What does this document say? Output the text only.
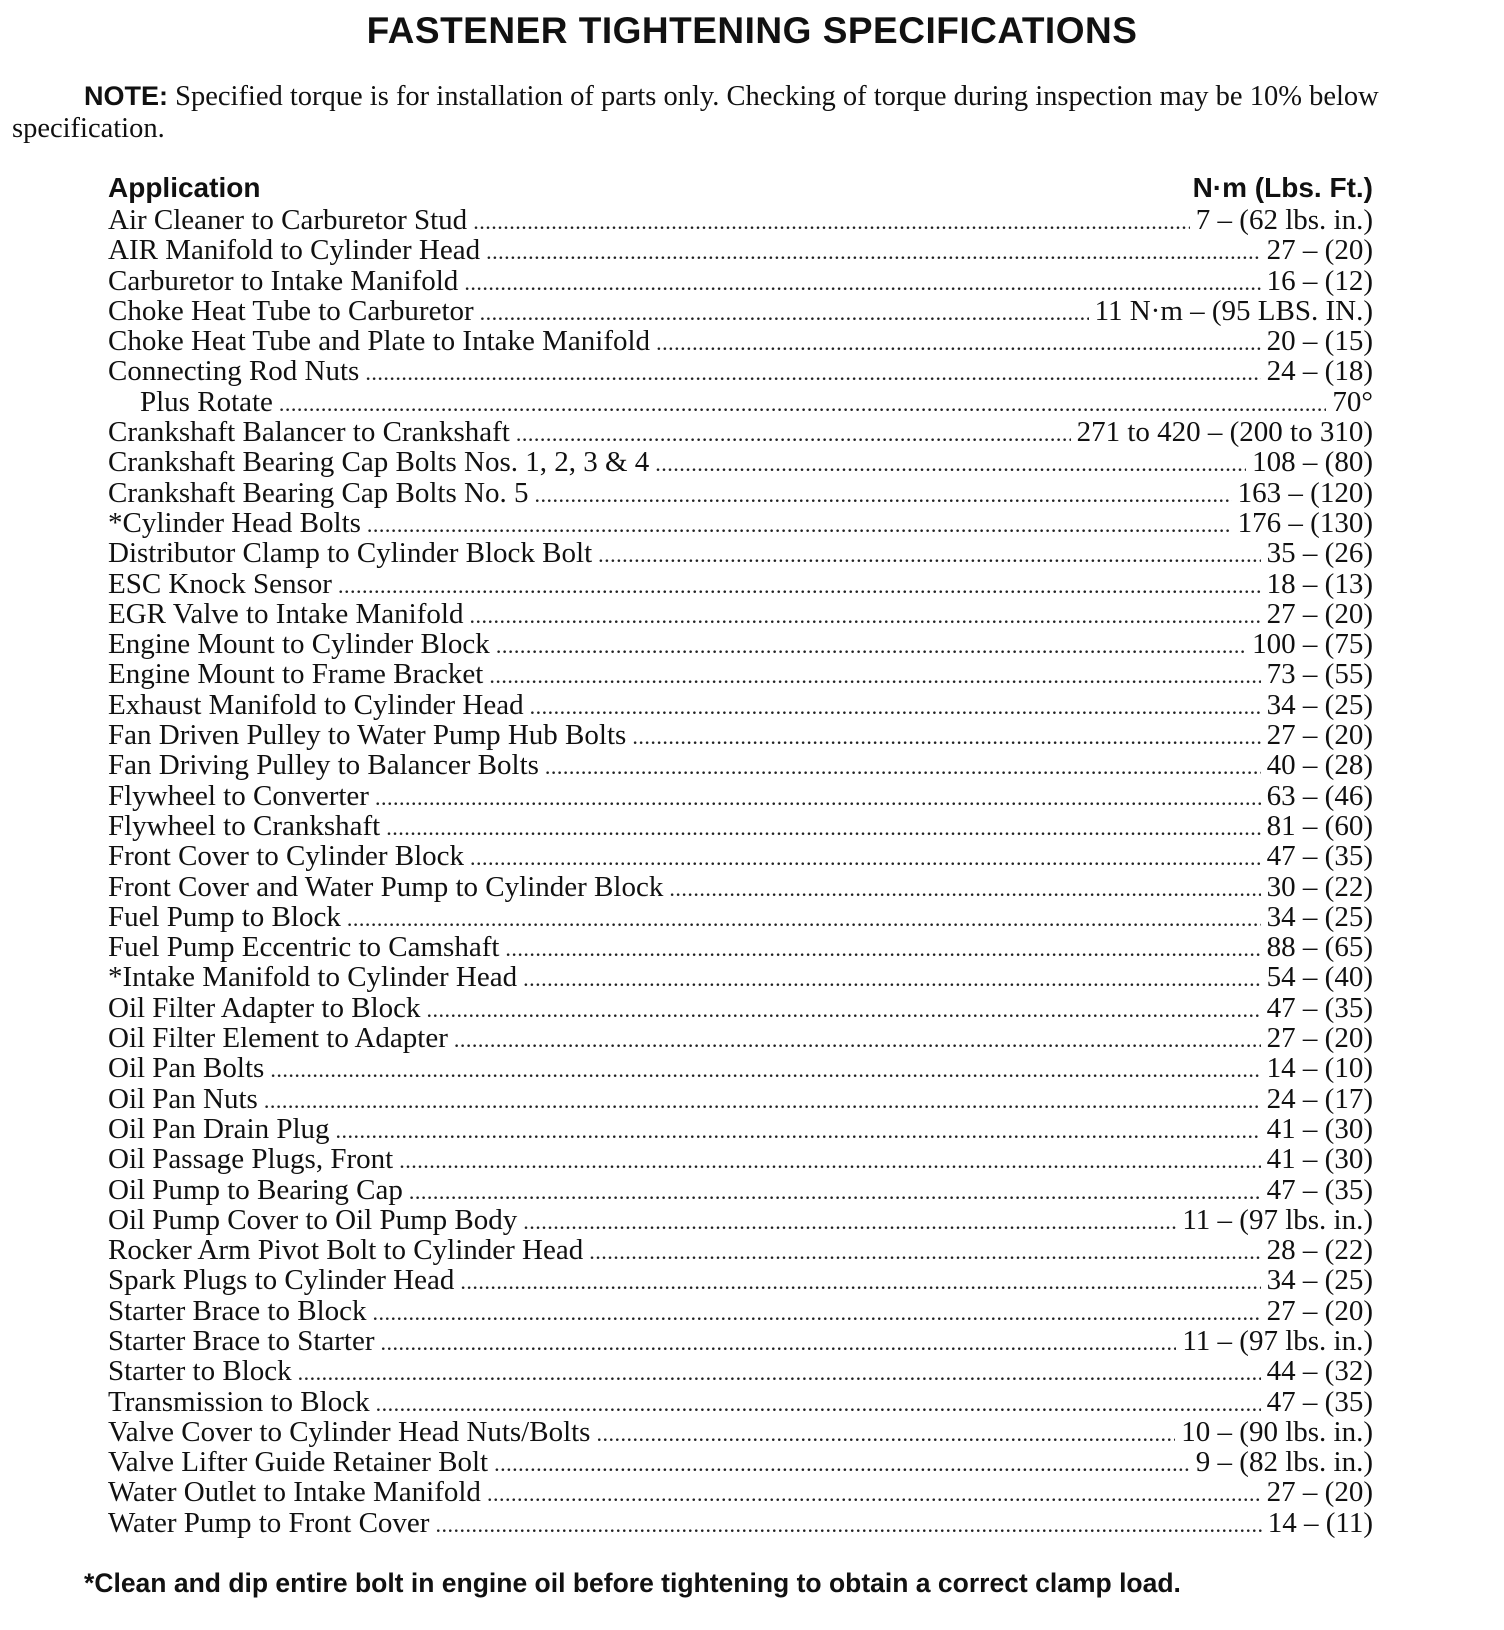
FASTENER TIGHTENING SPECIFICATIONS
NOTE: Specified torque is for installation of parts only. Checking of torque during inspection may be 10% below specification.
Application	N·m (Lbs. Ft.)
Air Cleaner to Carburetor Stud .....	7 – (62 lbs. in.)
AIR Manifold to Cylinder Head .....	27 – (20)
Carburetor to Intake Manifold .....	16 – (12)
Choke Heat Tube to Carburetor .....	11 N·m – (95 LBS. IN.)
Choke Heat Tube and Plate to Intake Manifold .....	20 – (15)
Connecting Rod Nuts .....	24 – (18)
Plus Rotate .....	70°
Crankshaft Balancer to Crankshaft .....	271 to 420 – (200 to 310)
Crankshaft Bearing Cap Bolts Nos. 1, 2, 3 & 4 .....	108 – (80)
Crankshaft Bearing Cap Bolts No. 5 .....	163 – (120)
*Cylinder Head Bolts .....	176 – (130)
Distributor Clamp to Cylinder Block Bolt .....	35 – (26)
ESC Knock Sensor .....	18 – (13)
EGR Valve to Intake Manifold .....	27 – (20)
Engine Mount to Cylinder Block .....	100 – (75)
Engine Mount to Frame Bracket .....	73 – (55)
Exhaust Manifold to Cylinder Head .....	34 – (25)
Fan Driven Pulley to Water Pump Hub Bolts .....	27 – (20)
Fan Driving Pulley to Balancer Bolts .....	40 – (28)
Flywheel to Converter .....	63 – (46)
Flywheel to Crankshaft .....	81 – (60)
Front Cover to Cylinder Block .....	47 – (35)
Front Cover and Water Pump to Cylinder Block .....	30 – (22)
Fuel Pump to Block .....	34 – (25)
Fuel Pump Eccentric to Camshaft .....	88 – (65)
*Intake Manifold to Cylinder Head .....	54 – (40)
Oil Filter Adapter to Block .....	47 – (35)
Oil Filter Element to Adapter .....	27 – (20)
Oil Pan Bolts .....	14 – (10)
Oil Pan Nuts .....	24 – (17)
Oil Pan Drain Plug .....	41 – (30)
Oil Passage Plugs, Front .....	41 – (30)
Oil Pump to Bearing Cap .....	47 – (35)
Oil Pump Cover to Oil Pump Body .....	11 – (97 lbs. in.)
Rocker Arm Pivot Bolt to Cylinder Head .....	28 – (22)
Spark Plugs to Cylinder Head .....	34 – (25)
Starter Brace to Block .....	27 – (20)
Starter Brace to Starter .....	11 – (97 lbs. in.)
Starter to Block .....	44 – (32)
Transmission to Block .....	47 – (35)
Valve Cover to Cylinder Head Nuts/Bolts .....	10 – (90 lbs. in.)
Valve Lifter Guide Retainer Bolt .....	9 – (82 lbs. in.)
Water Outlet to Intake Manifold .....	27 – (20)
Water Pump to Front Cover .....	14 – (11)
*Clean and dip entire bolt in engine oil before tightening to obtain a correct clamp load.
